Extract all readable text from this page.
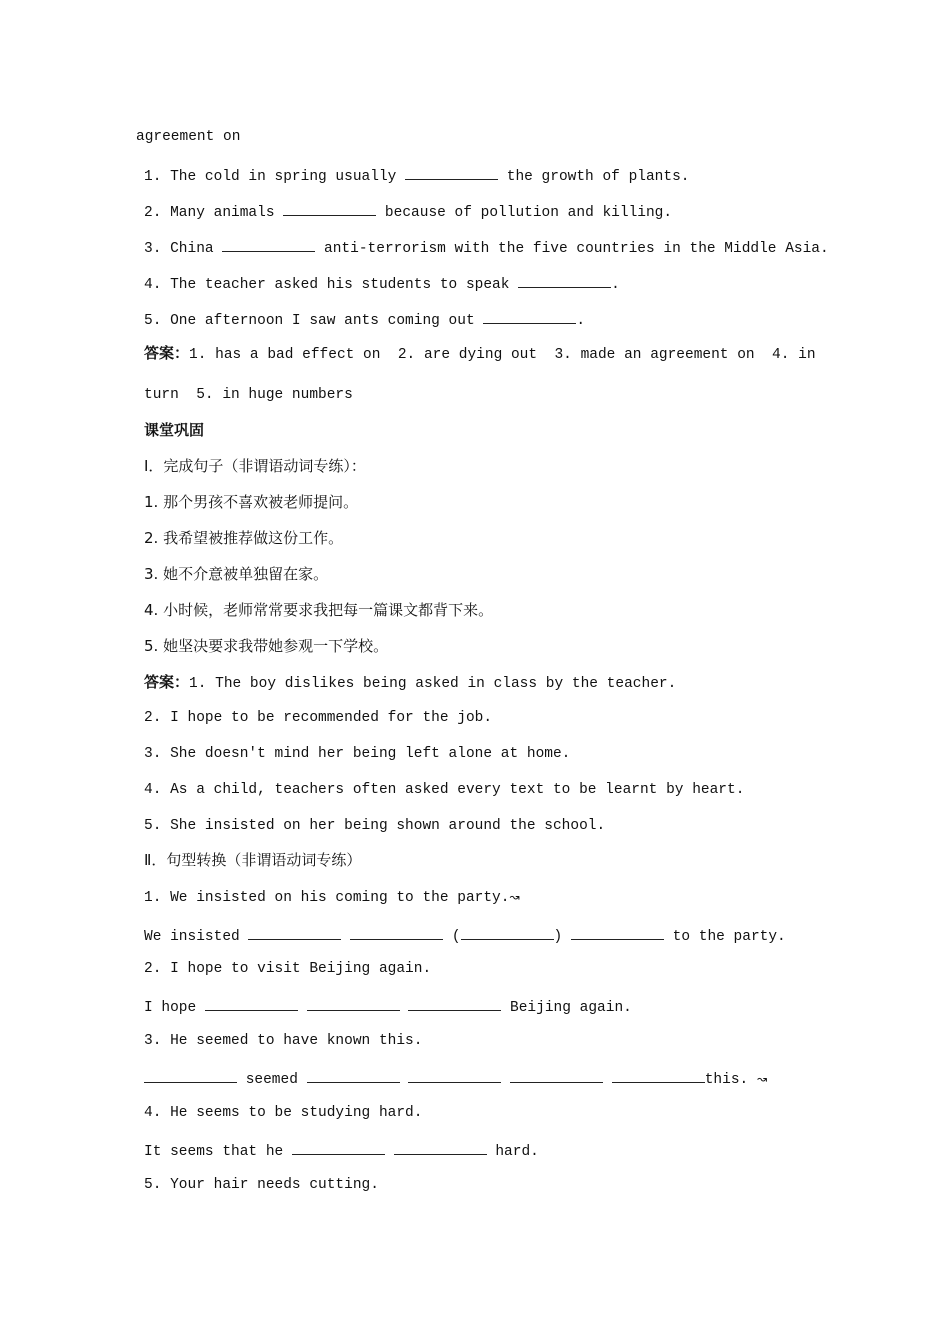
agreement on
1. The cold in spring usually	the growth of plants.
2. Many animals	because of pollution and killing.
3. China	anti-terrorism with the five countries in the Middle Asia.
4. The teacher asked his students to speak	.
5. One afternoon I saw ants coming out	.
答案：1. has a bad effect on  2. are dying out  3. made an agreement on  4. in
turn  5. in huge numbers
课堂巩固
Ⅰ．完成句子（非谓语动词专练）：
1. 那个男孩不喜欢被老师提问。
2. 我希望被推荐做这份工作。
3. 她不介意被单独留在家。
4. 小时候，老师常常要求我把每一篇课文都背下来。
5. 她坚决要求我带她参观一下学校。
答案：1. The boy dislikes being asked in class by the teacher.
2. I hope to be recommended for the job.
3. She doesn't mind her being left alone at home.
4. As a child, teachers often asked every text to be learnt by heart.
5. She insisted on her being shown around the school.
Ⅱ．句型转换（非谓语动词专练）
1. We insisted on his coming to the party.↝
We insisted	(	)	to the party.
2. I hope to visit Beijing again.
I hope	Beijing again.
3. He seemed to have known this.
seemed	this. ↝
4. He seems to be studying hard.
It seems that he	hard.
5. Your hair needs cutting.
